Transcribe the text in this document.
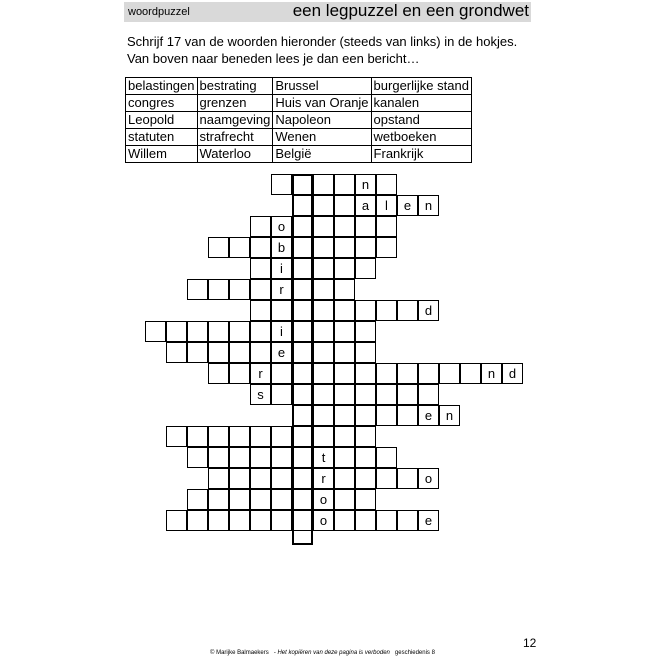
woordpuzzel	een legpuzzel en een grondwet
Schrijf 17 van de woorden hieronder (steeds van links) in de hokjes. Van boven naar beneden lees je dan een bericht…
belastingen	bestrating	Brussel	burgerlijke stand
congres	grenzen	Huis van Oranje	kanalen
Leopold	naamgeving	Napoleon	opstand
statuten	strafrecht	Wenen	wetboeken
Willem	Waterloo	België	Frankrijk
n
a	l	e	n
o
b
i
r
d
i
e
r	n	d
s
e	n
t
r	o
o
o	e
12
© Marijke Balmaekers - Het kopiëren van deze pagina is verboden geschiedenis 8
